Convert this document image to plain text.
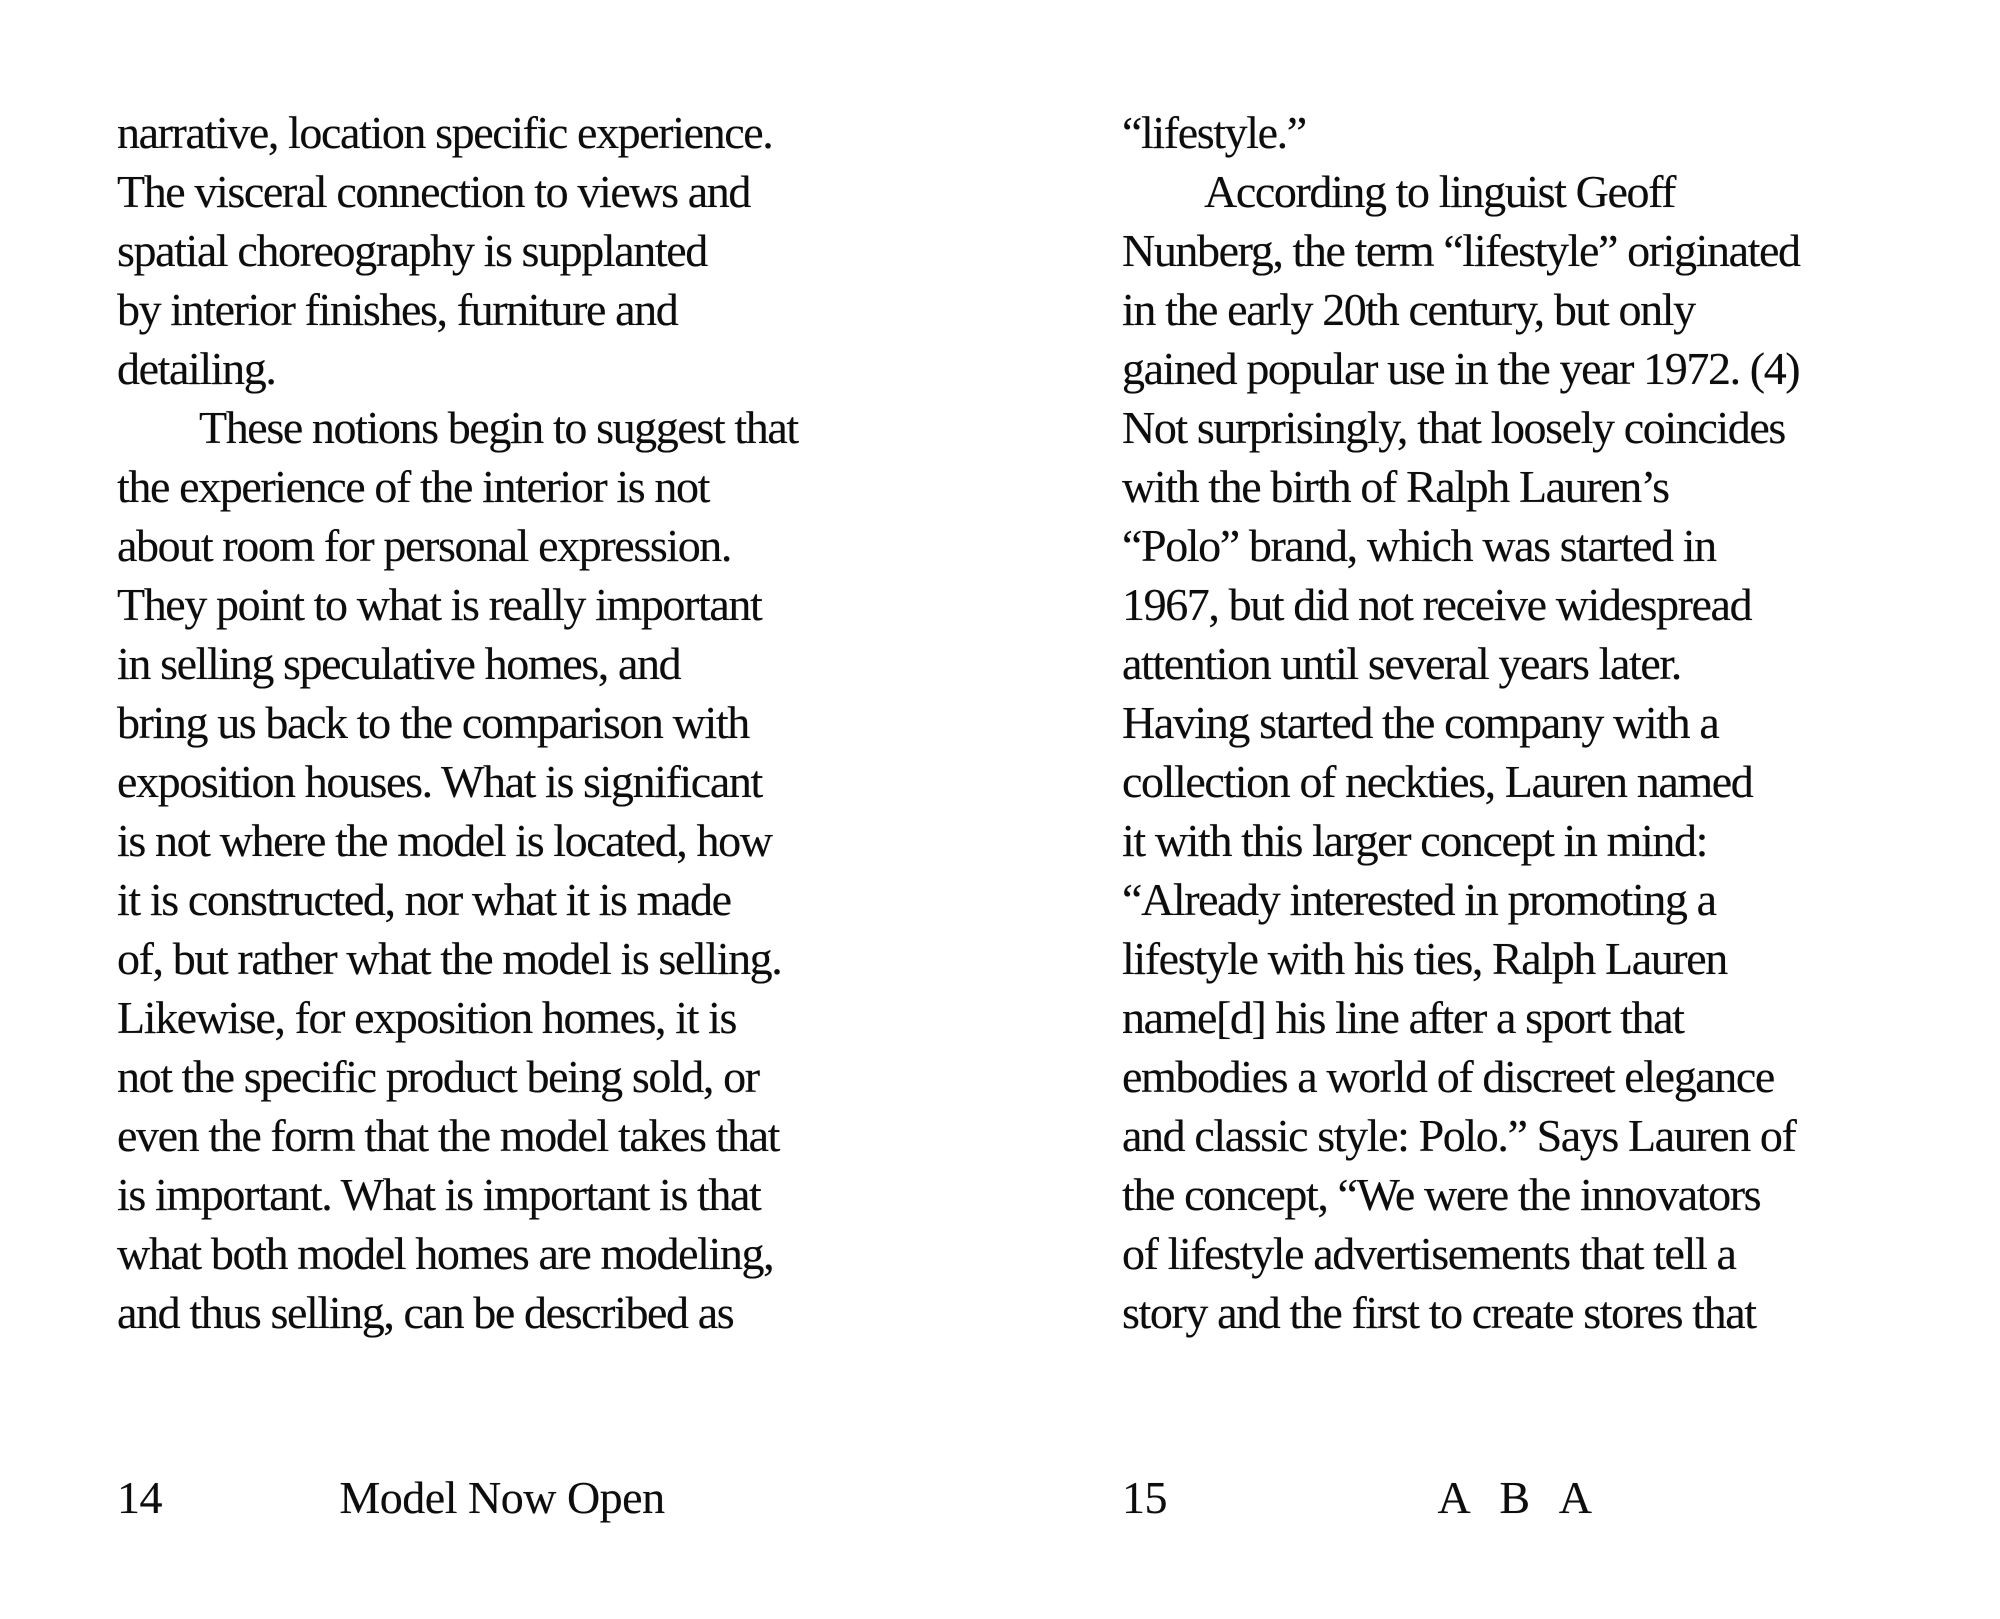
narrative, location specific experience.
The visceral connection to views and
spatial choreography is supplanted
by interior finishes, furniture and
detailing.
These notions begin to suggest that
the experience of the interior is not
about room for personal expression.
They point to what is really important
in selling speculative homes, and
bring us back to the comparison with
exposition houses. What is significant
is not where the model is located, how
it is constructed, nor what it is made
of, but rather what the model is selling.
Likewise, for exposition homes, it is
not the specific product being sold, or
even the form that the model takes that
is important. What is important is that
what both model homes are modeling,
and thus selling, can be described as
14	Model Now Open
“lifestyle.”
According to linguist Geoff
Nunberg, the term “lifestyle” originated
in the early 20th century, but only
gained popular use in the year 1972. (4)
Not surprisingly, that loosely coincides
with the birth of Ralph Lauren’s
“Polo” brand, which was started in
1967, but did not receive widespread
attention until several years later.
Having started the company with a
collection of neckties, Lauren named
it with this larger concept in mind:
“Already interested in promoting a
lifestyle with his ties, Ralph Lauren
name[d] his line after a sport that
embodies a world of discreet elegance
and classic style: Polo.” Says Lauren of
the concept, “We were the innovators
of lifestyle advertisements that tell a
story and the first to create stores that
15	A B A
